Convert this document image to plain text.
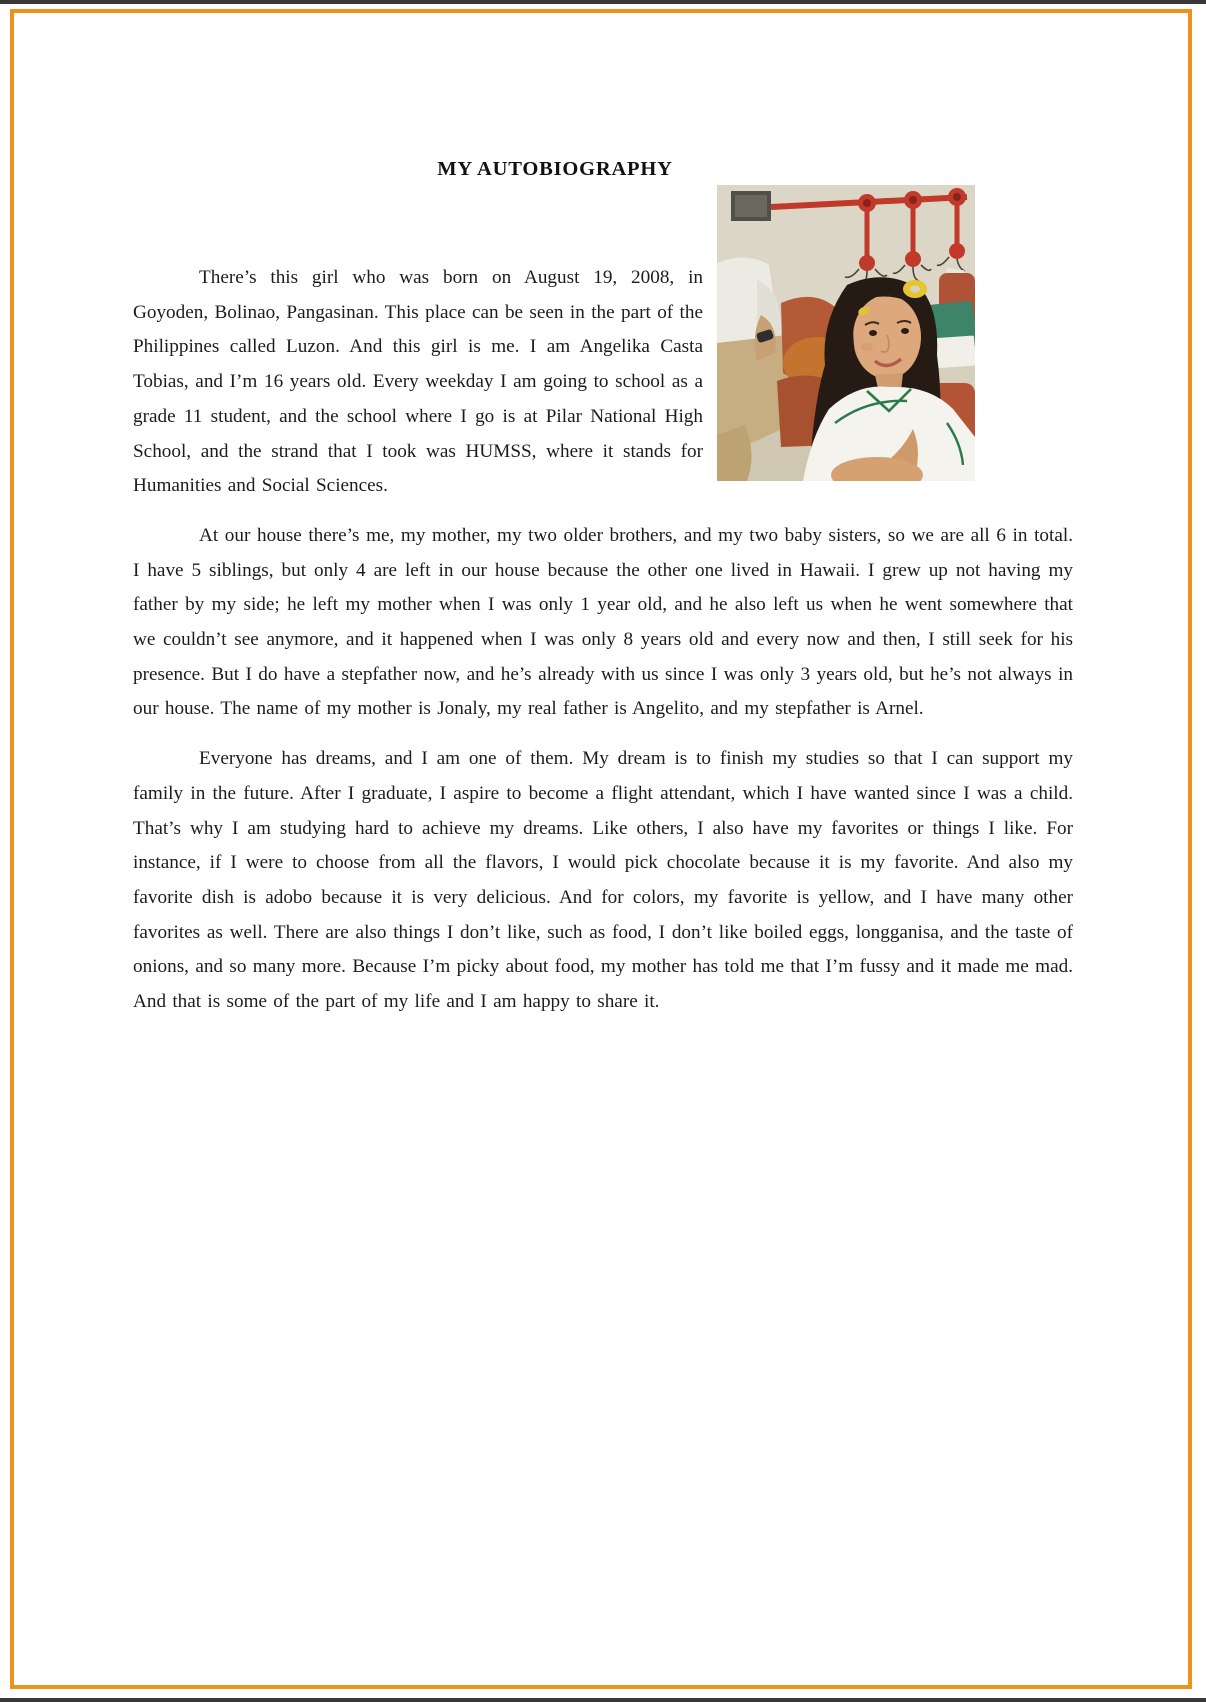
MY AUTOBIOGRAPHY

There’s this girl who was born on August 19, 2008, in Goyoden, Bolinao, Pangasinan. This place can be seen in the part of the Philippines called Luzon. And this girl is me. I am Angelika Casta Tobias, and I’m 16 years old. Every weekday I am going to school as a grade 11 student, and the school where I go is at Pilar National High School, and the strand that I took was HUMSS, where it stands for Humanities and Social Sciences.

At our house there’s me, my mother, my two older brothers, and my two baby sisters, so we are all 6 in total. I have 5 siblings, but only 4 are left in our house because the other one lived in Hawaii. I grew up not having my father by my side; he left my mother when I was only 1 year old, and he also left us when he went somewhere that we couldn’t see anymore, and it happened when I was only 8 years old and every now and then, I still seek for his presence. But I do have a stepfather now, and he’s already with us since I was only 3 years old, but he’s not always in our house. The name of my mother is Jonaly, my real father is Angelito, and my stepfather is Arnel.

Everyone has dreams, and I am one of them. My dream is to finish my studies so that I can support my family in the future. After I graduate, I aspire to become a flight attendant, which I have wanted since I was a child. That’s why I am studying hard to achieve my dreams. Like others, I also have my favorites or things I like. For instance, if I were to choose from all the flavors, I would pick chocolate because it is my favorite. And also my favorite dish is adobo because it is very delicious. And for colors, my favorite is yellow, and I have many other favorites as well. There are also things I don’t like, such as food, I don’t like boiled eggs, longganisa, and the taste of onions, and so many more. Because I’m picky about food, my mother has told me that I’m fussy and it made me mad. And that is some of the part of my life and I am happy to share it.
